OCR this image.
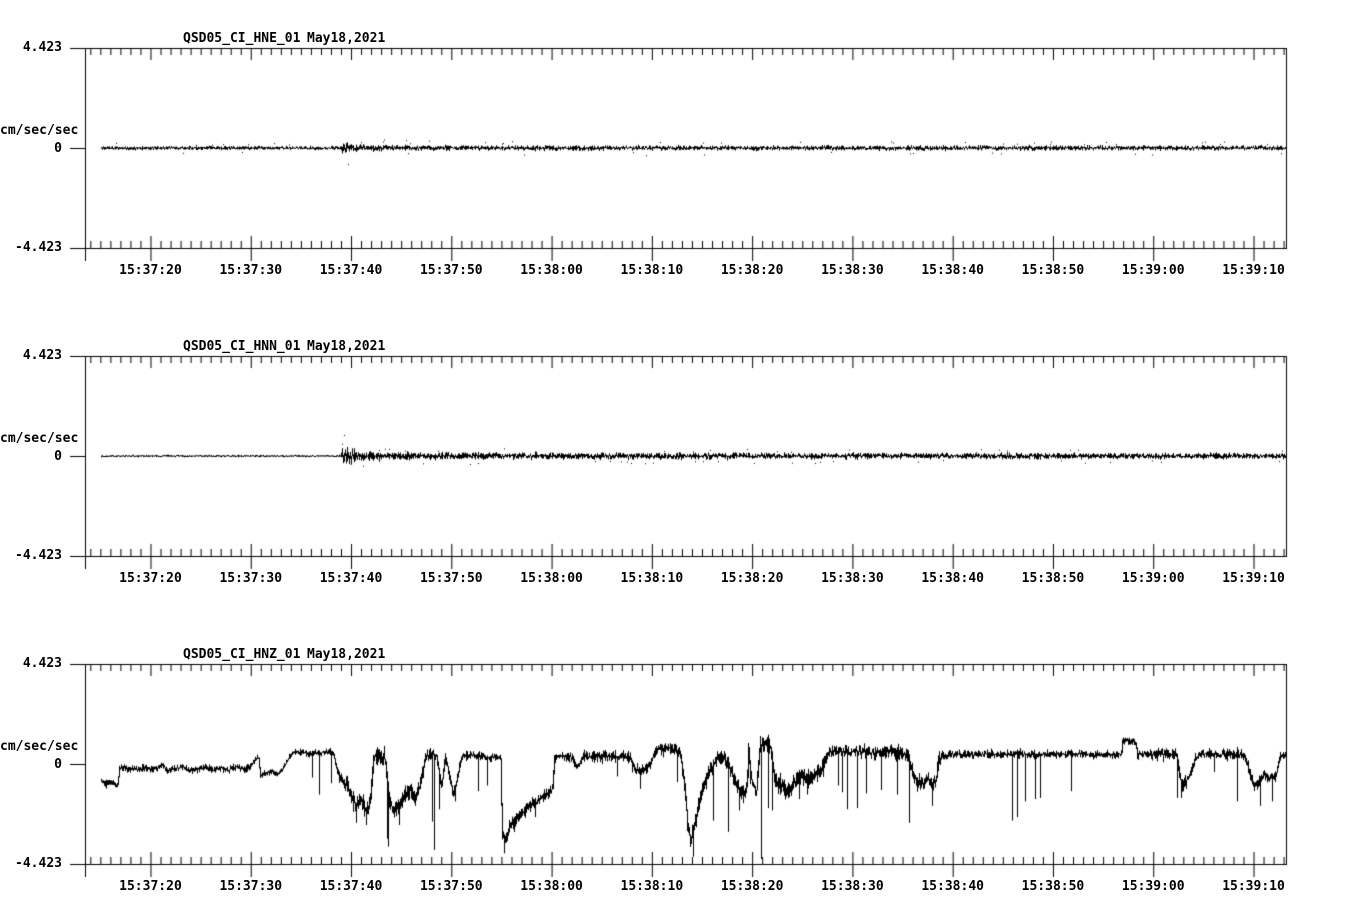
QSD05_CI_HNE_01 May18,2021
4.423
cm/sec/sec
0
-4.423
15:37:20	15:37:30	15:37:40	15:37:50	15:38:00	15:38:10	15:38:20	15:38:30	15:38:40	15:38:50	15:39:00	15:39:10
QSD05_CI_HNN_01 May18,2021
4.423
cm/sec/sec
0
-4.423
15:37:20	15:37:30	15:37:40	15:37:50	15:38:00	15:38:10	15:38:20	15:38:30	15:38:40	15:38:50	15:39:00	15:39:10
QSD05_CI_HNZ_01 May18,2021
4.423
cm/sec/sec
0
-4.423
15:37:20	15:37:30	15:37:40	15:37:50	15:38:00	15:38:10	15:38:20	15:38:30	15:38:40	15:38:50	15:39:00	15:39:10
